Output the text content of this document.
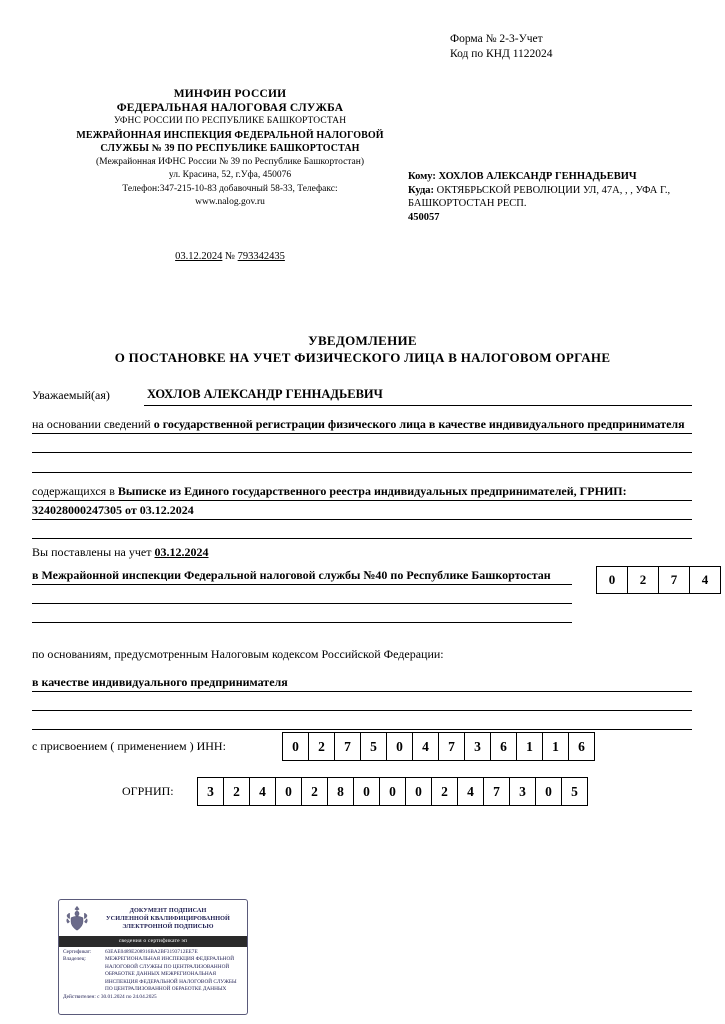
Форма № 2-3-Учет
Код по КНД 1122024
МИНФИН РОССИИ
ФЕДЕРАЛЬНАЯ НАЛОГОВАЯ СЛУЖБА
УФНС РОССИИ ПО РЕСПУБЛИКЕ БАШКОРТОСТАН
МЕЖРАЙОННАЯ ИНСПЕКЦИЯ ФЕДЕРАЛЬНОЙ НАЛОГОВОЙ СЛУЖБЫ № 39 ПО РЕСПУБЛИКЕ БАШКОРТОСТАН
(Межрайонная ИФНС России № 39 по Республике Башкортостан)
ул. Красина, 52, г.Уфа, 450076
Телефон:347-215-10-83 добавочный 58-33, Телефакс:
www.nalog.gov.ru
03.12.2024 № 793342435
Кому: ХОХЛОВ АЛЕКСАНДР ГЕННАДЬЕВИЧ
Куда: ОКТЯБРЬСКОЙ РЕВОЛЮЦИИ УЛ, 47А, , , УФА Г., БАШКОРТОСТАН РЕСП.
450057
УВЕДОМЛЕНИЕ
О ПОСТАНОВКЕ НА УЧЕТ ФИЗИЧЕСКОГО ЛИЦА В НАЛОГОВОМ ОРГАНЕ
Уважаемый(ая)	ХОХЛОВ АЛЕКСАНДР ГЕННАДЬЕВИЧ
на основании сведений о государственной регистрации физического лица в качестве индивидуального предпринимателя
содержащихся в Выписке из Единого государственного реестра индивидуальных предпринимателей, ГРНИП: 324028000247305 от 03.12.2024
Вы поставлены на учет 03.12.2024
в Межрайонной инспекции Федеральной налоговой службы №40 по Республике Башкортостан	0	2	7	4
по основаниям, предусмотренным Налоговым кодексом Российской Федерации:
в качестве индивидуального предпринимателя
с присвоением ( применением ) ИНН:	0	2	7	5	0	4	7	3	6	1	1	6
ОГРНИП:	3	2	4	0	2	8	0	0	0	2	4	7	3	0	5
ДОКУМЕНТ ПОДПИСАН
УСИЛЕННОЙ КВАЛИФИЦИРОВАННОЙ
ЭЛЕКТРОННОЙ ПОДПИСЬЮ
сведения о сертификате эп
Сертификат:	63EAE0489E208916BA2BF3193712EE7E
Владелец:	МЕЖРЕГИОНАЛЬНАЯ ИНСПЕКЦИЯ ФЕДЕРАЛЬНОЙ НАЛОГОВОЙ СЛУЖБЫ ПО ЦЕНТРАЛИЗОВАННОЙ ОБРАБОТКЕ ДАННЫХ МЕЖРЕГИОНАЛЬНАЯ ИНСПЕКЦИЯ ФЕДЕРАЛЬНОЙ НАЛОГОВОЙ СЛУЖБЫ ПО ЦЕНТРАЛИЗОВАННОЙ ОБРАБОТКЕ ДАННЫХ
Действителен: с 30.01.2024 по 24.04.2025
